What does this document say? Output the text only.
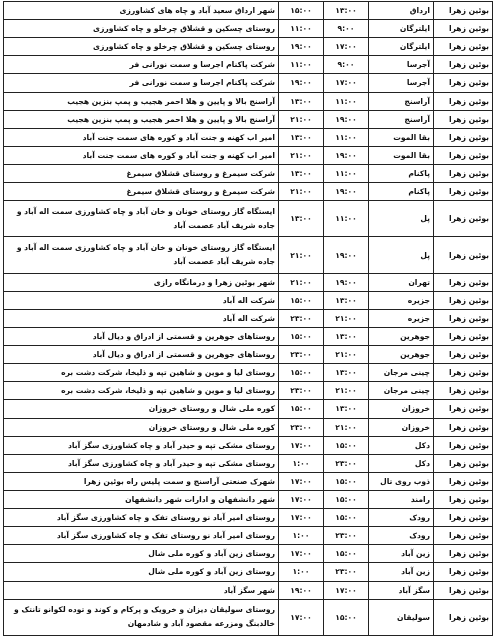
بوئین زهرا	ارداق	۱۳:۰۰	۱۵:۰۰	شهر ارداق سعید آباد و چاه های کشاورزی
بوئین زهرا	ایلترگان	۹:۰۰	۱۱:۰۰	روستای چسکین و قشلاق چرخلو و چاه کشاورزی
بوئین زهرا	ایلترگان	۱۷:۰۰	۱۹:۰۰	روستای چسکین و قشلاق چرخلو و چاه کشاورزی
بوئین زهرا	آجرسا	۹:۰۰	۱۱:۰۰	شرکت پاکنام اجرسا و سمت نورانی فر
بوئین زهرا	آجرسا	۱۷:۰۰	۱۹:۰۰	شرکت پاکنام اجرسا و سمت نورانی فر
بوئین زهرا	آراسنج	۱۱:۰۰	۱۳:۰۰	آراسنج بالا و پایین و هلا احمر هجیب و پمپ بنزین هجیب
بوئین زهرا	آراسنج	۱۹:۰۰	۲۱:۰۰	آراسنج بالا و پایین و هلا احمر هجیب و پمپ بنزین هجیب
بوئین زهرا	بقا الموت	۱۱:۰۰	۱۳:۰۰	امیر اب کهنه و جنت آباد و کوره های سمت جنت آباد
بوئین زهرا	بقا الموت	۱۹:۰۰	۲۱:۰۰	امیر اب کهنه و جنت آباد و کوره های سمت جنت آباد
بوئین زهرا	پاکنام	۱۱:۰۰	۱۳:۰۰	شرکت سیمرغ و روستای قشلاق سیمرغ
بوئین زهرا	پاکنام	۱۹:۰۰	۲۱:۰۰	شرکت سیمرغ و روستای قشلاق سیمرغ
بوئین زهرا	پل	۱۱:۰۰	۱۳:۰۰	ایستگاه گاز روستای خونان و خان آباد و چاه کشاورزی سمت اله آباد و جاده شریف آباد عصمت آباد
بوئین زهرا	پل	۱۹:۰۰	۲۱:۰۰	ایستگاه گاز روستای خونان و خان آباد و چاه کشاورزی سمت اله آباد و جاده شریف آباد عصمت آباد
بوئین زهرا	تهران	۱۹:۰۰	۲۱:۰۰	شهر بوئین زهرا و درمانگاه رازی
بوئین زهرا	جزیره	۱۳:۰۰	۱۵:۰۰	شرکت اله آباد
بوئین زهرا	جزیره	۲۱:۰۰	۲۳:۰۰	شرکت اله آباد
بوئین زهرا	جوهرین	۱۳:۰۰	۱۵:۰۰	روستاهای جوهرین و قسمتی از ادراق و دیال آباد
بوئین زهرا	جوهرین	۲۱:۰۰	۲۳:۰۰	روستاهای جوهرین و قسمتی از ادراق و دیال آباد
بوئین زهرا	چینی مرجان	۱۳:۰۰	۱۵:۰۰	روستای لیا و موین و شاهین تپه و ذلیخا، شرکت دشت بره
بوئین زهرا	چینی مرجان	۲۱:۰۰	۲۳:۰۰	روستای لیا و موین و شاهین تپه و ذلیخا، شرکت دشت بره
بوئین زهرا	خروزان	۱۳:۰۰	۱۵:۰۰	کوره ملی شال و روستای خروزان
بوئین زهرا	خروزان	۲۱:۰۰	۲۳:۰۰	کوره ملی شال و روستای خروزان
بوئین زهرا	دکل	۱۵:۰۰	۱۷:۰۰	روستای مشکی تپه و حیدر آباد و چاه کشاورزی سگز آباد
بوئین زهرا	دکل	۲۳:۰۰	۱:۰۰	روستای مشکی تپه و حیدر آباد و چاه کشاورزی سگز آباد
بوئین زهرا	ذوب روی تال	۱۵:۰۰	۱۷:۰۰	شهرک صنعتی آراسنج و سمت پلیس راه بوئین زهرا
بوئین زهرا	رامند	۱۵:۰۰	۱۷:۰۰	شهر دانشفهان و ادارات شهر دانشفهان
بوئین زهرا	رودک	۱۵:۰۰	۱۷:۰۰	روستای امیر آباد نو روستای تفک و چاه کشاورزی سگز آباد
بوئین زهرا	رودک	۲۳:۰۰	۱:۰۰	روستای امیر آباد نو روستای تفک و چاه کشاورزی سگز آباد
بوئین زهرا	زین آباد	۱۵:۰۰	۱۷:۰۰	روستای زین آباد و کوره ملی شال
بوئین زهرا	زین آباد	۲۳:۰۰	۱:۰۰	روستای زین آباد و کوره ملی شال
بوئین زهرا	سگز آباد	۱۷:۰۰	۱۹:۰۰	شهر سگز آباد
بوئین زهرا	سولیقان	۱۵:۰۰	۱۷:۰۰	روستای سولیقان دیزان و خرویک و پرکام و کوند و توده لکوانو تانتک و خالدبنگ ومزرعه مقصود آباد و شادمهان
